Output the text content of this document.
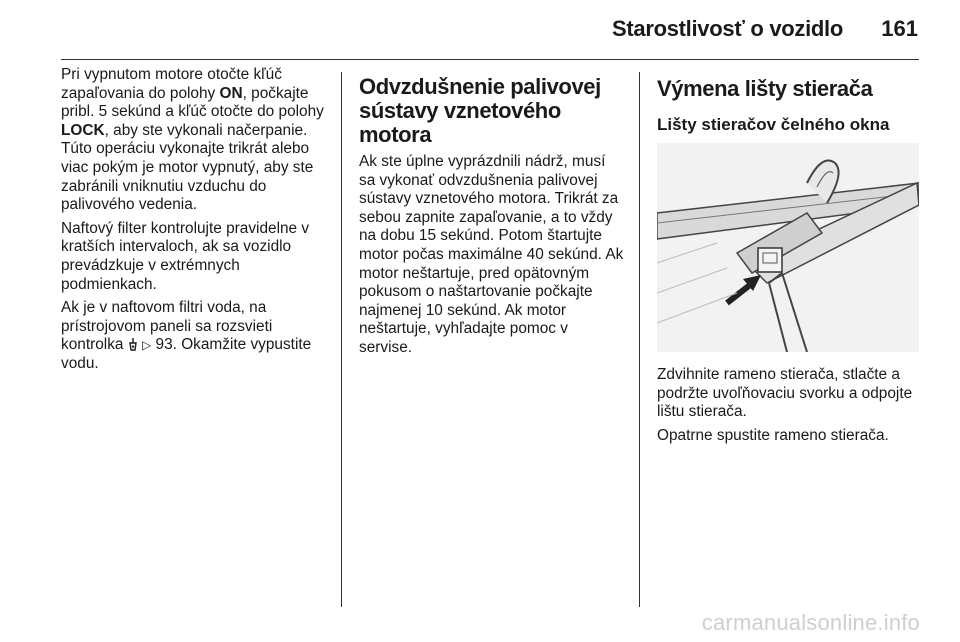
Starostlivosť o vozidlo 161

Pri vypnutom motore otočte kľúč zapaľovania do polohy ON, počkajte pribl. 5 sekúnd a kľúč otočte do polohy LOCK, aby ste vykonali načerpanie. Túto operáciu vykonajte trikrát alebo viac pokým je motor vypnutý, aby ste zabránili vniknutiu vzduchu do palivového vedenia.

Naftový filter kontrolujte pravidelne v kratších intervaloch, ak sa vozidlo prevádzkuje v extrémnych podmienkach.

Ak je v naftovom filtri voda, na prístrojovom paneli sa rozsvieti kontrolka  ▷ 93. Okamžite vypustite vodu.

Odvzdušnenie palivovej sústavy vznetového motora

Ak ste úplne vyprázdnili nádrž, musí sa vykonať odvzdušnenia palivovej sústavy vznetového motora. Trikrát za sebou zapnite zapaľovanie, a to vždy na dobu 15 sekúnd. Potom štartujte motor počas maximálne 40 sekúnd. Ak motor neštartuje, pred opätovným pokusom o naštartovanie počkajte najmenej 10 sekúnd. Ak motor neštartuje, vyhľadajte pomoc v servise.

Výmena lišty stierača
Lišty stieračov čelného okna

Zdvihnite rameno stierača, stlačte a podržte uvoľňovaciu svorku a odpojte lištu stierača.

Opatrne spustite rameno stierača.

carmanualsonline.info
